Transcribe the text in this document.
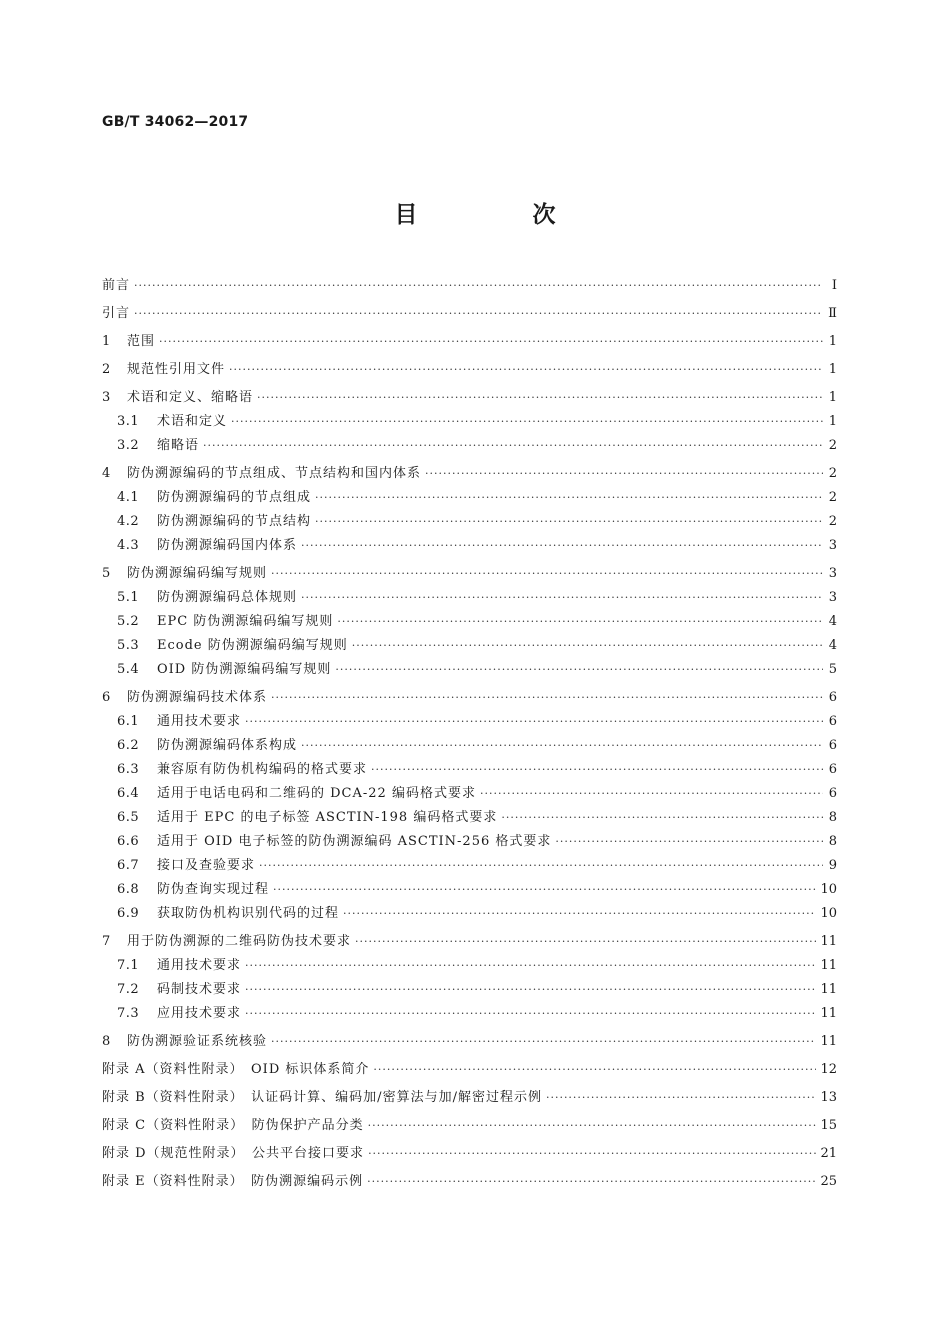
GB/T 34062—2017
目　次
前言 ·····	Ⅰ
引言 ·····	Ⅱ
1	范围 ·····	1
2	规范性引用文件 ·····	1
3	术语和定义、缩略语 ·····	1
3.1	术语和定义 ·····	1
3.2	缩略语 ·····	2
4	防伪溯源编码的节点组成、节点结构和国内体系 ·····	2
4.1	防伪溯源编码的节点组成 ·····	2
4.2	防伪溯源编码的节点结构 ·····	2
4.3	防伪溯源编码国内体系 ·····	3
5	防伪溯源编码编写规则 ·····	3
5.1	防伪溯源编码总体规则 ·····	3
5.2	EPC 防伪溯源编码编写规则 ·····	4
5.3	Ecode 防伪溯源编码编写规则 ·····	4
5.4	OID 防伪溯源编码编写规则 ·····	5
6	防伪溯源编码技术体系 ·····	6
6.1	通用技术要求 ·····	6
6.2	防伪溯源编码体系构成 ·····	6
6.3	兼容原有防伪机构编码的格式要求 ·····	6
6.4	适用于电话电码和二维码的 DCA-22 编码格式要求 ·····	6
6.5	适用于 EPC 的电子标签 ASCTIN-198 编码格式要求 ·····	8
6.6	适用于 OID 电子标签的防伪溯源编码 ASCTIN-256 格式要求 ·····	8
6.7	接口及查验要求 ·····	9
6.8	防伪查询实现过程 ·····	10
6.9	获取防伪机构识别代码的过程 ·····	10
7	用于防伪溯源的二维码防伪技术要求 ·····	11
7.1	通用技术要求 ·····	11
7.2	码制技术要求 ·····	11
7.3	应用技术要求 ·····	11
8	防伪溯源验证系统核验 ·····	11
附录 A（资料性附录）　OID 标识体系简介 ·····	12
附录 B（资料性附录）　认证码计算、编码加/密算法与加/解密过程示例 ·····	13
附录 C（资料性附录）　防伪保护产品分类 ·····	15
附录 D（规范性附录）　公共平台接口要求 ·····	21
附录 E（资料性附录）　防伪溯源编码示例 ·····	25
